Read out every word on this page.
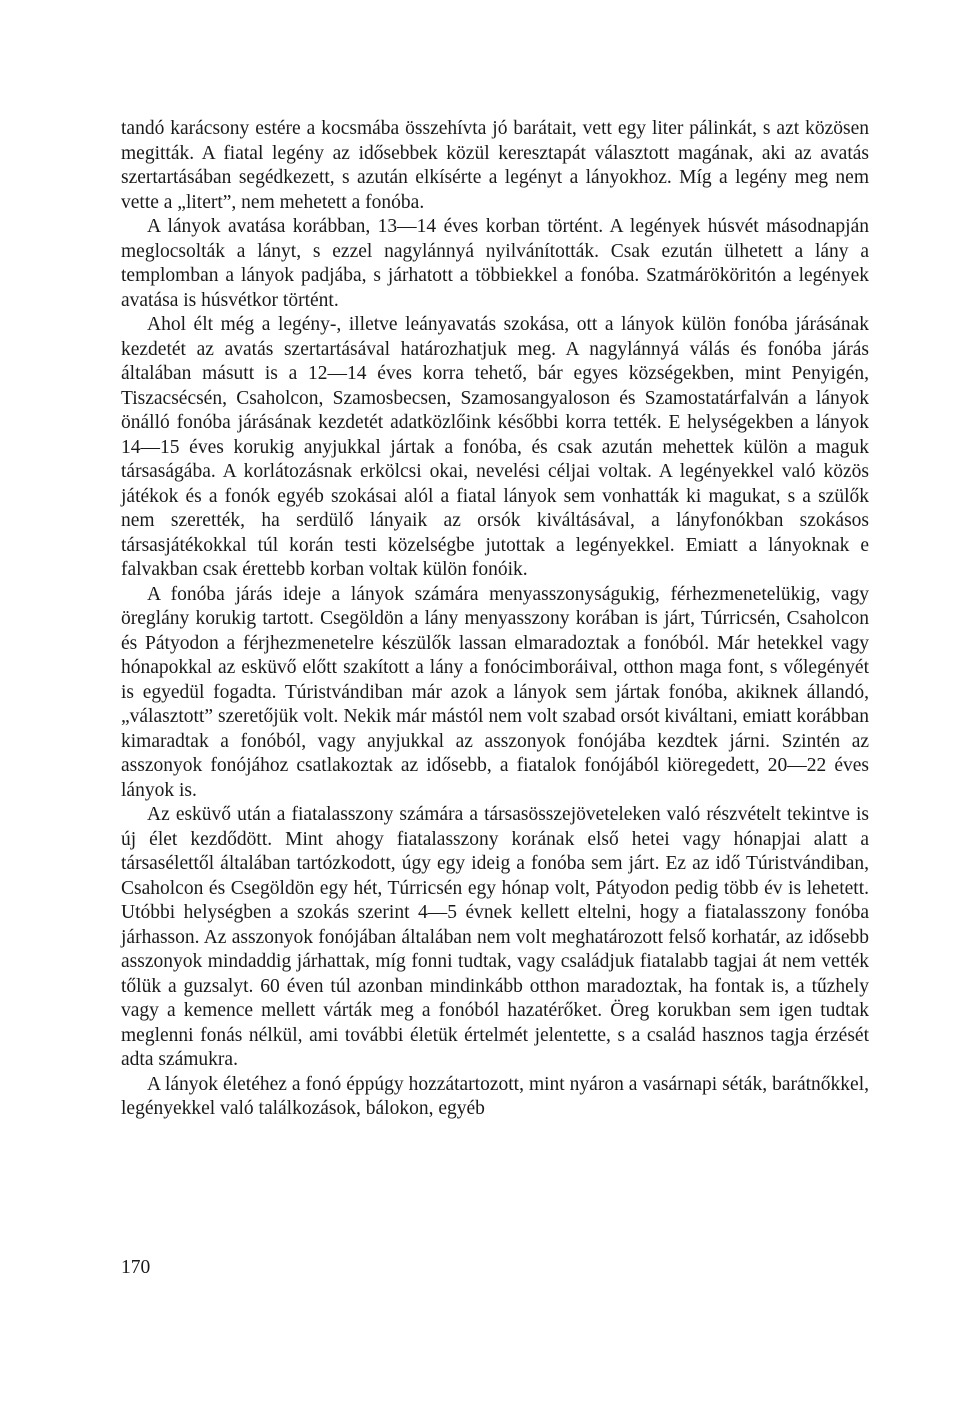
tandó karácsony estére a kocsmába összehívta jó barátait, vett egy liter pálinkát, s azt közösen megitták. A fiatal legény az idősebbek közül keresztapát választott magának, aki az avatás szertartásában segédkezett, s azután elkísérte a legényt a lányokhoz. Míg a legény meg nem vette a „litert”, nem mehetett a fonóba.

A lányok avatása korábban, 13—14 éves korban történt. A legények húsvét másodnapján meglocsolták a lányt, s ezzel nagylánnyá nyilvánították. Csak ezután ülhetett a lány a templomban a lányok padjába, s járhatott a többiekkel a fonóba. Szatmárököritón a legények avatása is húsvétkor történt.

Ahol élt még a legény-, illetve leányavatás szokása, ott a lányok külön fonóba járásának kezdetét az avatás szertartásával határozhatjuk meg. A nagylánnyá válás és fonóba járás általában másutt is a 12—14 éves korra tehető, bár egyes községekben, mint Penyigén, Tiszacsécsén, Csaholcon, Szamosbecsen, Szamosangyaloson és Szamostatárfalván a lányok önálló fonóba járásának kezdetét adatközlőink későbbi korra tették. E helységekben a lányok 14—15 éves korukig anyjukkal jártak a fonóba, és csak azután mehettek külön a maguk társaságába. A korlátozásnak erkölcsi okai, nevelési céljai voltak. A legényekkel való közös játékok és a fonók egyéb szokásai alól a fiatal lányok sem vonhatták ki magukat, s a szülők nem szerették, ha serdülő lányaik az orsók kiváltásával, a lányfonókban szokásos társasjátékokkal túl korán testi közelségbe jutottak a legényekkel. Emiatt a lányoknak e falvakban csak érettebb korban voltak külön fonóik.

A fonóba járás ideje a lányok számára menyasszonyságukig, férhezmenetelükig, vagy öreglány korukig tartott. Csegöldön a lány menyasszony korában is járt, Túrricsén, Csaholcon és Pátyodon a férjhezmenetelre készülők lassan elmaradoztak a fonóból. Már hetekkel vagy hónapokkal az esküvő előtt szakított a lány a fonócimboráival, otthon maga font, s vőlegényét is egyedül fogadta. Túristvándiban már azok a lányok sem jártak fonóba, akiknek állandó, „választott” szeretőjük volt. Nekik már mástól nem volt szabad orsót kiváltani, emiatt korábban kimaradtak a fonóból, vagy anyjukkal az asszonyok fonójába kezdtek járni. Szintén az asszonyok fonójához csatlakoztak az idősebb, a fiatalok fonójából kiöregedett, 20—22 éves lányok is.

Az esküvő után a fiatalasszony számára a társasösszejöveteleken való részvételt tekintve is új élet kezdődött. Mint ahogy fiatalasszony korának első hetei vagy hónapjai alatt a társasélettől általában tartózkodott, úgy egy ideig a fonóba sem járt. Ez az idő Túristvándiban, Csaholcon és Csegöldön egy hét, Túrricsén egy hónap volt, Pátyodon pedig több év is lehetett. Utóbbi helységben a szokás szerint 4—5 évnek kellett eltelni, hogy a fiatalasszony fonóba járhasson. Az asszonyok fonójában általában nem volt meghatározott felső korhatár, az idősebb asszonyok mindaddig járhattak, míg fonni tudtak, vagy családjuk fiatalabb tagjai át nem vették tőlük a guzsalyt. 60 éven túl azonban mindinkább otthon maradoztak, ha fontak is, a tűzhely vagy a kemence mellett várták meg a fonóból hazatérőket. Öreg korukban sem igen tudtak meglenni fonás nélkül, ami további életük értelmét jelentette, s a család hasznos tagja érzését adta számukra.

A lányok életéhez a fonó éppúgy hozzátartozott, mint nyáron a vasárnapi séták, barátnőkkel, legényekkel való találkozások, bálokon, egyéb

170
